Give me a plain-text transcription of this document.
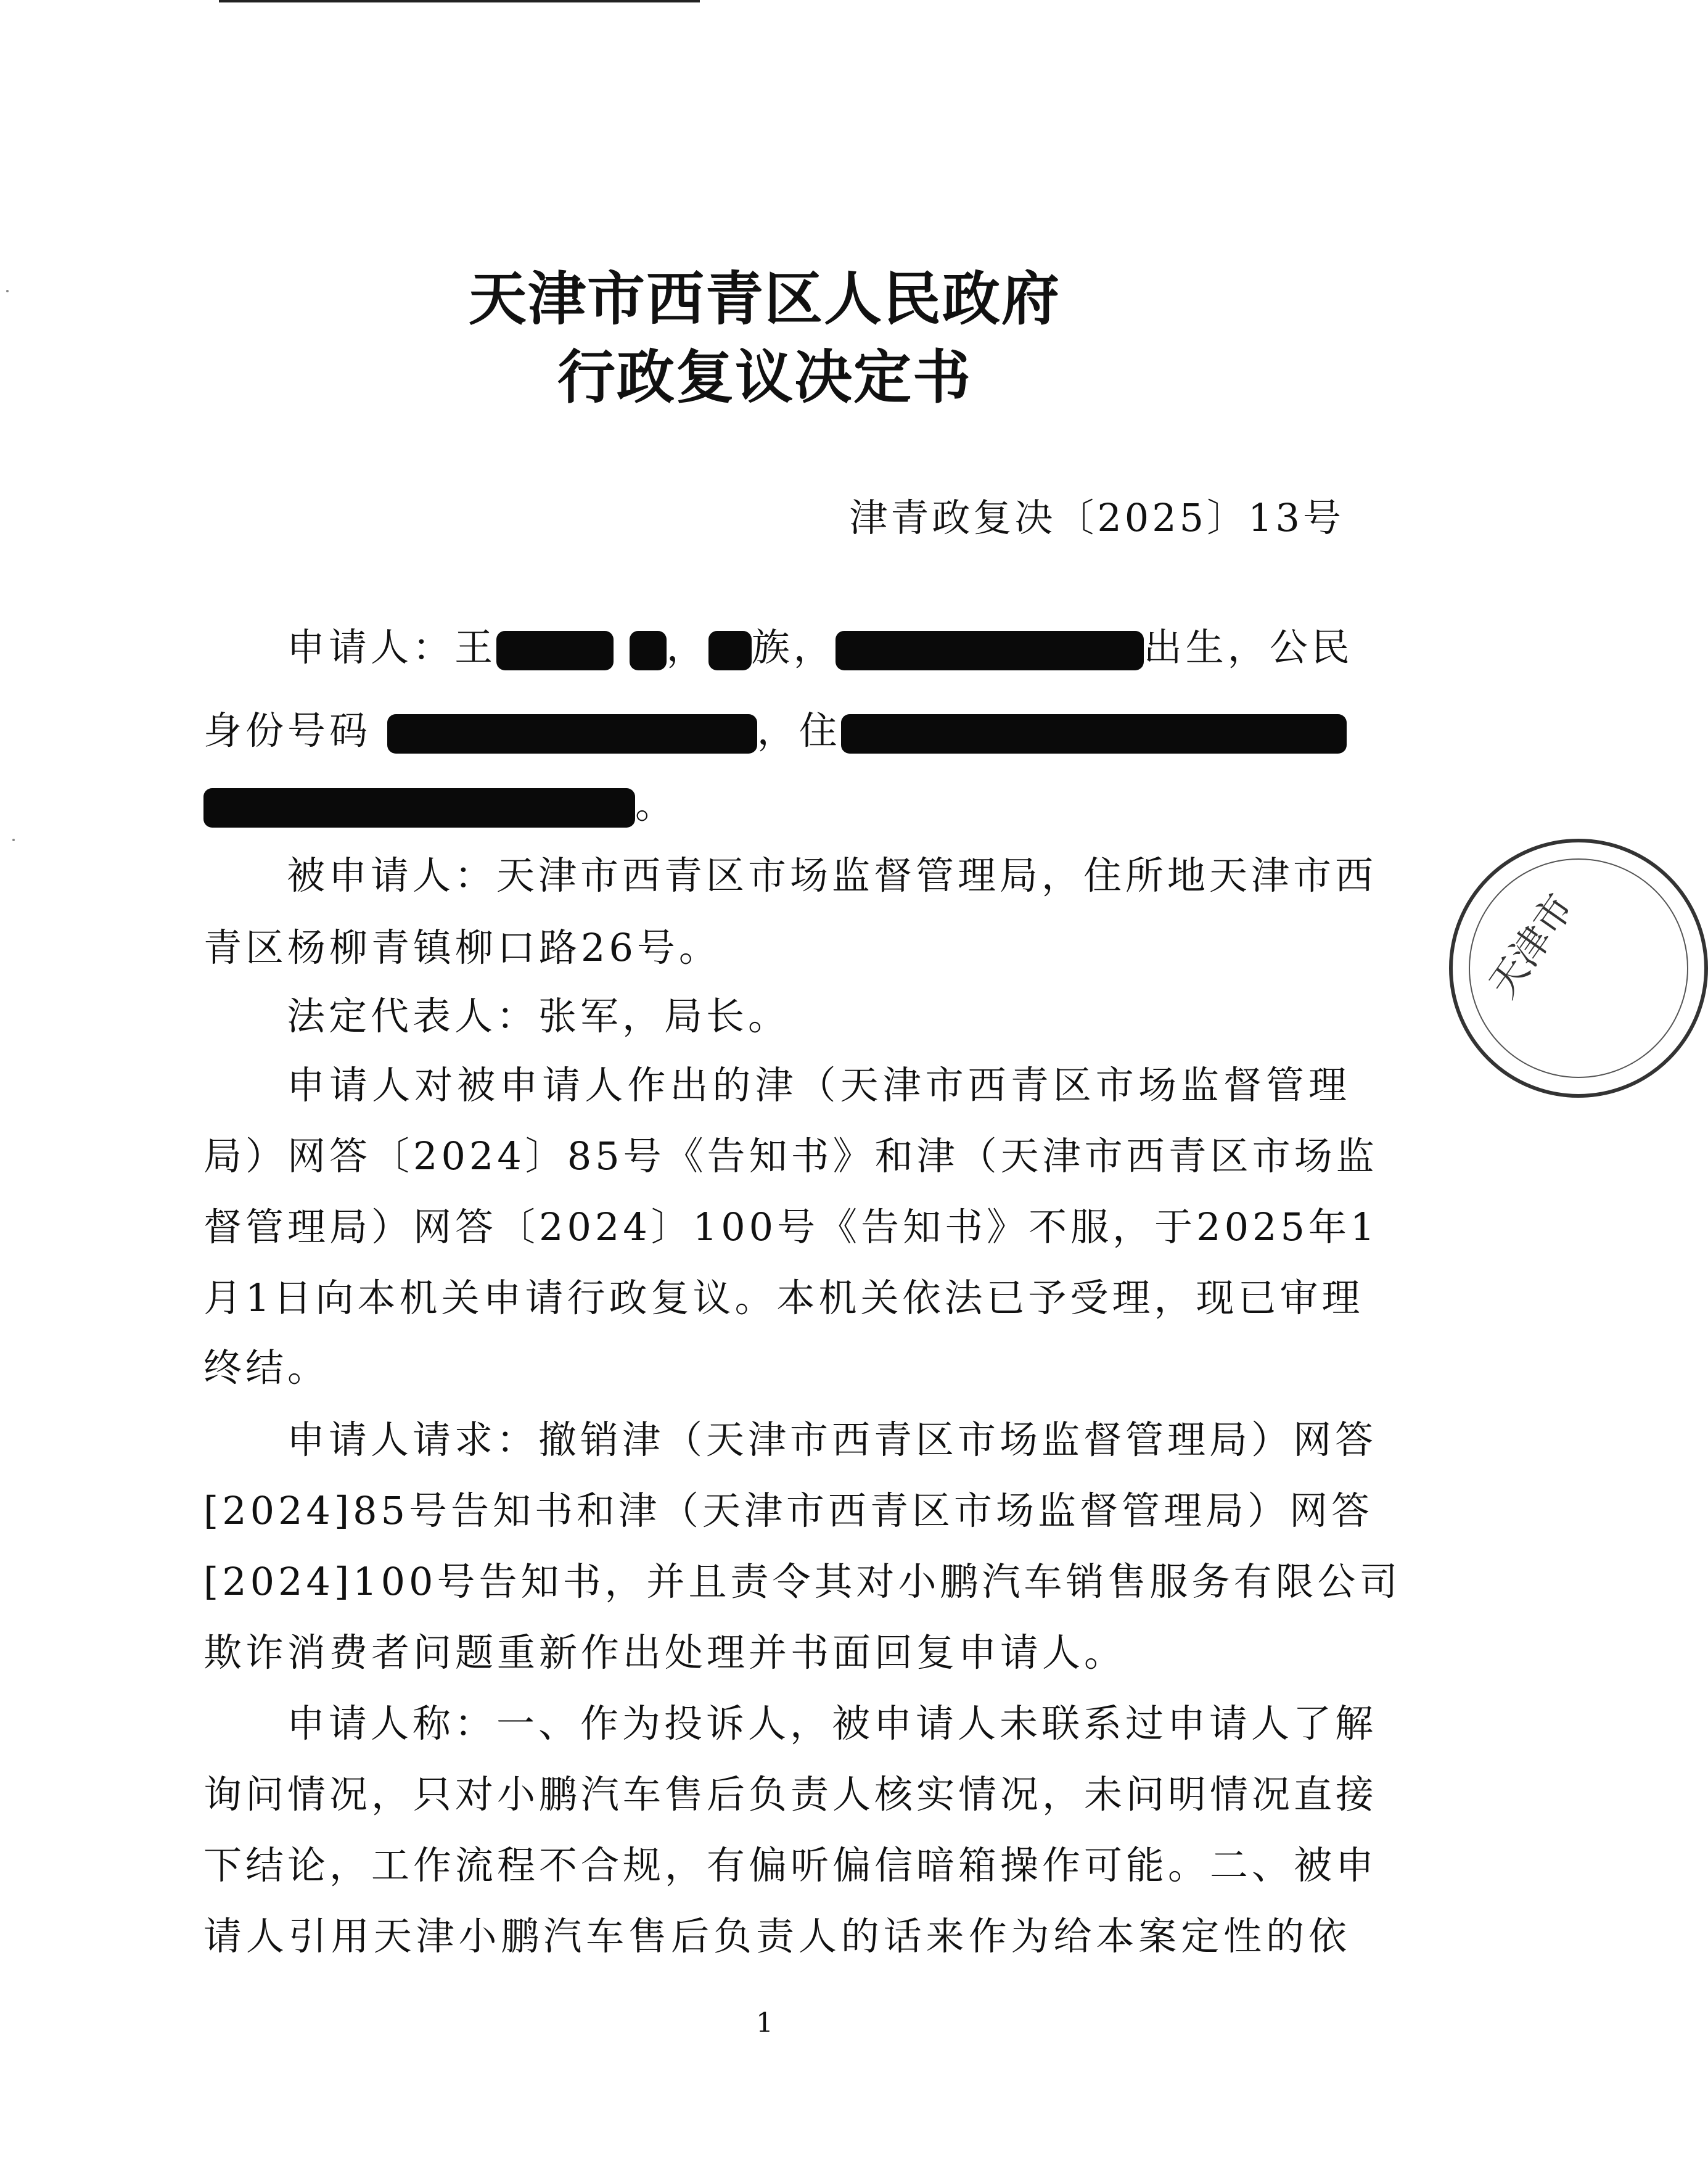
天津市西青区人民政府
行政复议决定书
津青政复决〔2025〕13号
申请人：王	， 族，	出生，公民
身份号码	，住
。
被申请人：天津市西青区市场监督管理局，住所地天津市西
青区杨柳青镇柳口路26号。
法定代表人：张军，局长。
申请人对被申请人作出的津（天津市西青区市场监督管理
局）网答〔2024〕85号《告知书》和津（天津市西青区市场监
督管理局）网答〔2024〕100号《告知书》不服，于2025年1
月1日向本机关申请行政复议。本机关依法已予受理，现已审理
终结。
申请人请求：撤销津（天津市西青区市场监督管理局）网答
[2024]85号告知书和津（天津市西青区市场监督管理局）网答
[2024]100号告知书，并且责令其对小鹏汽车销售服务有限公司
欺诈消费者问题重新作出处理并书面回复申请人。
申请人称：一、作为投诉人，被申请人未联系过申请人了解
询问情况，只对小鹏汽车售后负责人核实情况，未问明情况直接
下结论，工作流程不合规，有偏听偏信暗箱操作可能。二、被申
请人引用天津小鹏汽车售后负责人的话来作为给本案定性的依
1
天津市
